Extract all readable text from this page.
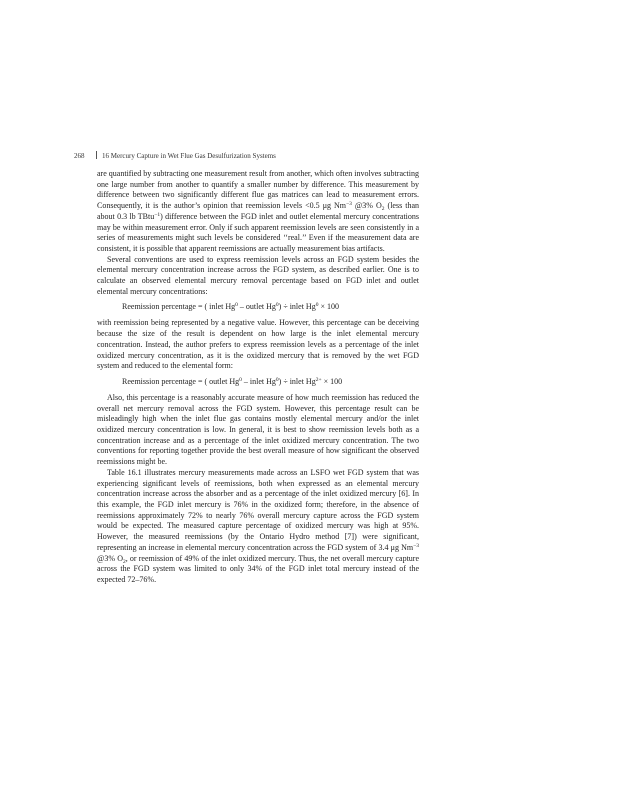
268	16 Mercury Capture in Wet Flue Gas Desulfurization Systems

are quantified by subtracting one measurement result from another, which often involves subtracting one large number from another to quantify a smaller number by difference. This measurement by difference between two significantly different flue gas matrices can lead to measurement errors. Consequently, it is the author’s opinion that reemission levels <0.5 μg $Nm^{-3}$ @3% $O_2$ (less than about 0.3 lb TBtu$^{-1}$) difference between the FGD inlet and outlet elemental mercury concentrations may be within measurement error. Only if such apparent reemission levels are seen consistently in a series of measurements might such levels be considered ‘‘real.’’ Even if the measurement data are consistent, it is possible that apparent reemissions are actually measurement bias artifacts.

Several conventions are used to express reemission levels across an FGD system besides the elemental mercury concentration increase across the FGD system, as described earlier. One is to calculate an observed elemental mercury removal percentage based on FGD inlet and outlet elemental mercury concentrations:

Reemission percentage = ( inlet Hg$^0$ – outlet $Hg^0$) ÷ inlet $Hg^0 \times 100$

with reemission being represented by a negative value. However, this percentage can be deceiving because the size of the result is dependent on how large is the inlet elemental mercury concentration. Instead, the author prefers to express reemission levels as a percentage of the inlet oxidized mercury concentration, as it is the oxidized mercury that is removed by the wet FGD system and reduced to the elemental form:

Reemission percentage = ( outlet Hg$^0$ – inlet $Hg^0$) ÷ inlet $Hg^{2+} \times 100$

Also, this percentage is a reasonably accurate measure of how much reemission has reduced the overall net mercury removal across the FGD system. However, this percentage result can be misleadingly high when the inlet flue gas contains mostly elemental mercury and/or the inlet oxidized mercury concentration is low. In general, it is best to show reemission levels both as a concentration increase and as a percentage of the inlet oxidized mercury concentration. The two conventions for reporting together provide the best overall measure of how significant the observed reemissions might be.

Table 16.1 illustrates mercury measurements made across an LSFO wet FGD system that was experiencing significant levels of reemissions, both when expressed as an elemental mercury concentration increase across the absorber and as a percentage of the inlet oxidized mercury [6]. In this example, the FGD inlet mercury is 76% in the oxidized form; therefore, in the absence of reemissions approximately 72% to nearly 76% overall mercury capture across the FGD system would be expected. The measured capture percentage of oxidized mercury was high at 95%. However, the measured reemissions (by the Ontario Hydro method [7]) were significant, representing an increase in elemental mercury concentration across the FGD system of 3.4 μg $Nm^{-3}$ @3% $O_2$, or reemission of 49% of the inlet oxidized mercury. Thus, the net overall mercury capture across the FGD system was limited to only 34% of the FGD inlet total mercury instead of the expected 72–76%.
